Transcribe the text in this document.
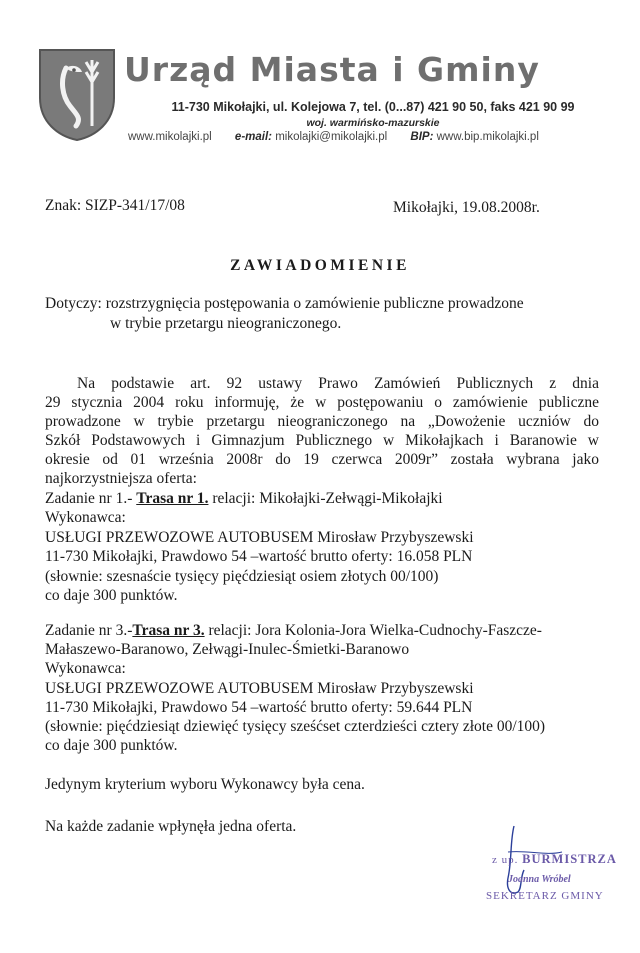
Urząd Miasta i Gminy
11-730 Mikołajki, ul. Kolejowa 7, tel. (0...87) 421 90 50, faks 421 90 99
woj. warmińsko-mazurskie
www.mikolajki.pl e-mail: mikolajki@mikolajki.pl BIP: www.bip.mikolajki.pl
Znak: SIZP-341/17/08	Mikołajki, 19.08.2008r.
ZAWIADOMIENIE
Dotyczy: rozstrzygnięcia postępowania o zamówienie publiczne prowadzone
w trybie przetargu nieograniczonego.
Na podstawie art. 92 ustawy Prawo Zamówień Publicznych z dnia
29 stycznia 2004 roku informuję, że w postępowaniu o zamówienie publiczne
prowadzone w trybie przetargu nieograniczonego na „Dowożenie uczniów do
Szkół Podstawowych i Gimnazjum Publicznego w Mikołajkach i Baranowie w
okresie od 01 września 2008r do 19 czerwca 2009r” została wybrana jako
najkorzystniejsza oferta:
Zadanie nr 1.- Trasa nr 1. relacji: Mikołajki-Zełwągi-Mikołajki
Wykonawca:
USŁUGI PRZEWOZOWE AUTOBUSEM Mirosław Przybyszewski
11-730 Mikołajki, Prawdowo 54 –wartość brutto oferty: 16.058 PLN
(słownie: szesnaście tysięcy pięćdziesiąt osiem złotych 00/100)
co daje 300 punktów.
Zadanie nr 3.-Trasa nr 3. relacji: Jora Kolonia-Jora Wielka-Cudnochy-Faszcze-
Małaszewo-Baranowo, Zełwągi-Inulec-Śmietki-Baranowo
Wykonawca:
USŁUGI PRZEWOZOWE AUTOBUSEM Mirosław Przybyszewski
11-730 Mikołajki, Prawdowo 54 –wartość brutto oferty: 59.644 PLN
(słownie: pięćdziesiąt dziewięć tysięcy sześćset czterdzieści cztery złote 00/100)
co daje 300 punktów.
Jedynym kryterium wyboru Wykonawcy była cena.
Na każde zadanie wpłynęła jedna oferta.
z up. BURMISTRZA
Joanna Wróbel
SEKRETARZ GMINY
